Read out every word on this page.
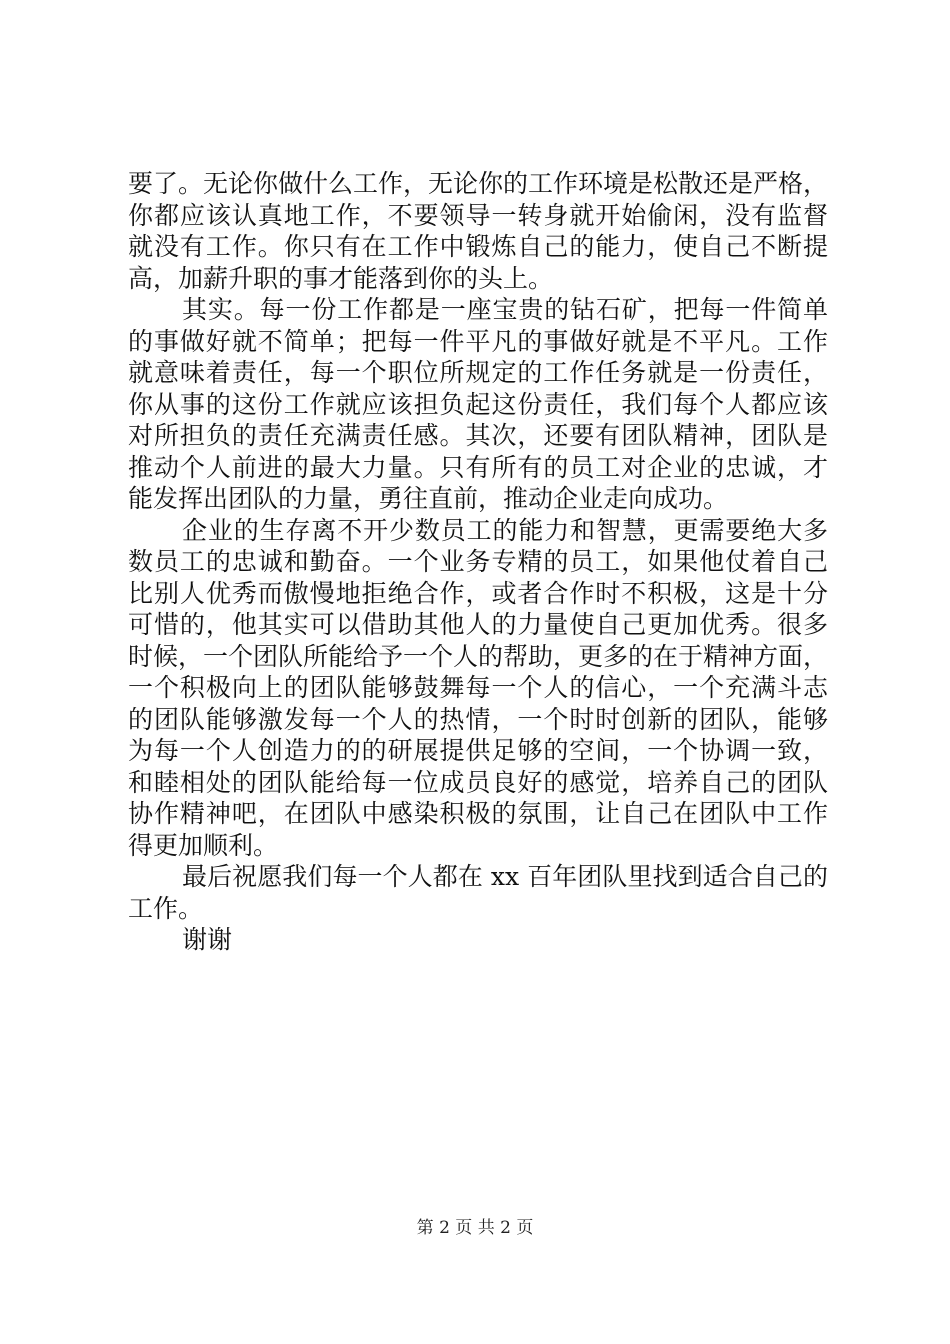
要了。无论你做什么工作，无论你的工作环境是松散还是严格，
你都应该认真地工作，不要领导一转身就开始偷闲，没有监督
就没有工作。你只有在工作中锻炼自己的能力，使自己不断提
高，加薪升职的事才能落到你的头上。
其实。每一份工作都是一座宝贵的钻石矿，把每一件简单
的事做好就不简单；把每一件平凡的事做好就是不平凡。工作
就意味着责任，每一个职位所规定的工作任务就是一份责任，
你从事的这份工作就应该担负起这份责任，我们每个人都应该
对所担负的责任充满责任感。其次，还要有团队精神，团队是
推动个人前进的最大力量。只有所有的员工对企业的忠诚，才
能发挥出团队的力量，勇往直前，推动企业走向成功。
企业的生存离不开少数员工的能力和智慧，更需要绝大多
数员工的忠诚和勤奋。一个业务专精的员工，如果他仗着自己
比别人优秀而傲慢地拒绝合作，或者合作时不积极，这是十分
可惜的，他其实可以借助其他人的力量使自己更加优秀。很多
时候，一个团队所能给予一个人的帮助，更多的在于精神方面，
一个积极向上的团队能够鼓舞每一个人的信心，一个充满斗志
的团队能够激发每一个人的热情，一个时时创新的团队，能够
为每一个人创造力的的研展提供足够的空间，一个协调一致，
和睦相处的团队能给每一位成员良好的感觉，培养自己的团队
协作精神吧，在团队中感染积极的氛围，让自己在团队中工作
得更加顺利。
最后祝愿我们每一个人都在 xx 百年团队里找到适合自己的
工作。
谢谢
第 2 页 共 2 页
